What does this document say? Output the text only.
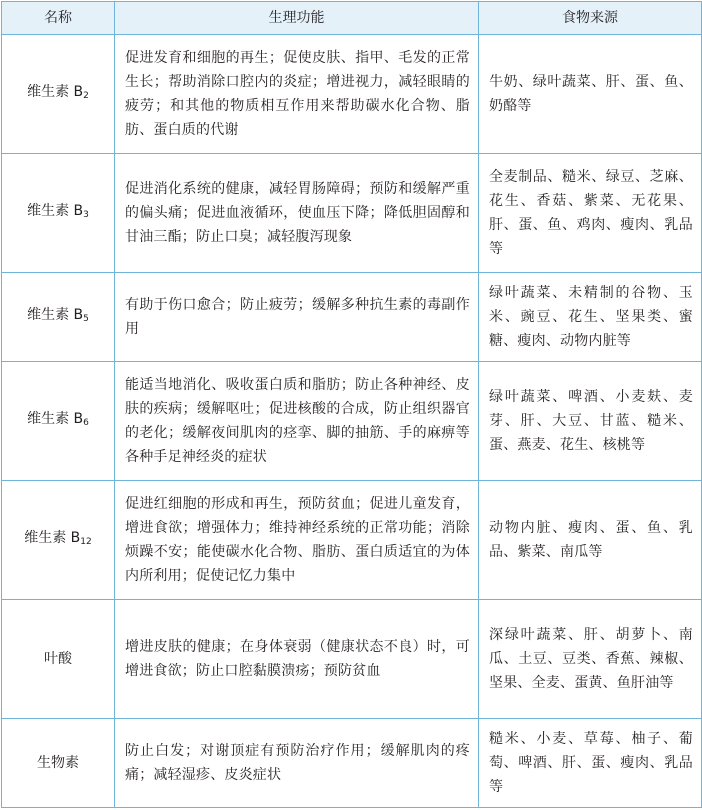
名称	生理功能	食物来源
维生素 $B_2$	促进发育和细胞的再生；促使皮肤、指甲、毛发的正常生长；帮助消除口腔内的炎症；增进视力，减轻眼睛的疲劳；和其他的物质相互作用来帮助碳水化合物、脂肪、蛋白质的代谢	牛奶、绿叶蔬菜、肝、蛋、鱼、奶酪等
维生素 $B_3$	促进消化系统的健康，减轻胃肠障碍；预防和缓解严重的偏头痛；促进血液循环，使血压下降；降低胆固醇和甘油三酯；防止口臭；减轻腹泻现象	全麦制品、糙米、绿豆、芝麻、花生、香菇、紫菜、无花果、肝、蛋、鱼、鸡肉、瘦肉、乳品等
维生素 $B_5$	有助于伤口愈合；防止疲劳；缓解多种抗生素的毒副作用	绿叶蔬菜、未精制的谷物、玉米、豌豆、花生、坚果类、蜜糖、瘦肉、动物内脏等
维生素 $B_6$	能适当地消化、吸收蛋白质和脂肪；防止各种神经、皮肤的疾病；缓解呕吐；促进核酸的合成，防止组织器官的老化；缓解夜间肌肉的痉挛、脚的抽筋、手的麻痹等各种手足神经炎的症状	绿叶蔬菜、啤酒、小麦麸、麦芽、肝、大豆、甘蓝、糙米、蛋、燕麦、花生、核桃等
维生素 $B_{12}$	促进红细胞的形成和再生，预防贫血；促进儿童发育，增进食欲；增强体力；维持神经系统的正常功能；消除烦躁不安；能使碳水化合物、脂肪、蛋白质适宜的为体内所利用；促使记忆力集中	动物内脏、瘦肉、蛋、鱼、乳品、紫菜、南瓜等
叶酸	增进皮肤的健康；在身体衰弱（健康状态不良）时，可增进食欲；防止口腔黏膜溃疡；预防贫血	深绿叶蔬菜、肝、胡萝卜、南瓜、土豆、豆类、香蕉、辣椒、坚果、全麦、蛋黄、鱼肝油等
生物素	防止白发；对谢顶症有预防治疗作用；缓解肌肉的疼痛；减轻湿疹、皮炎症状	糙米、小麦、草莓、柚子、葡萄、啤酒、肝、蛋、瘦肉、乳品等
